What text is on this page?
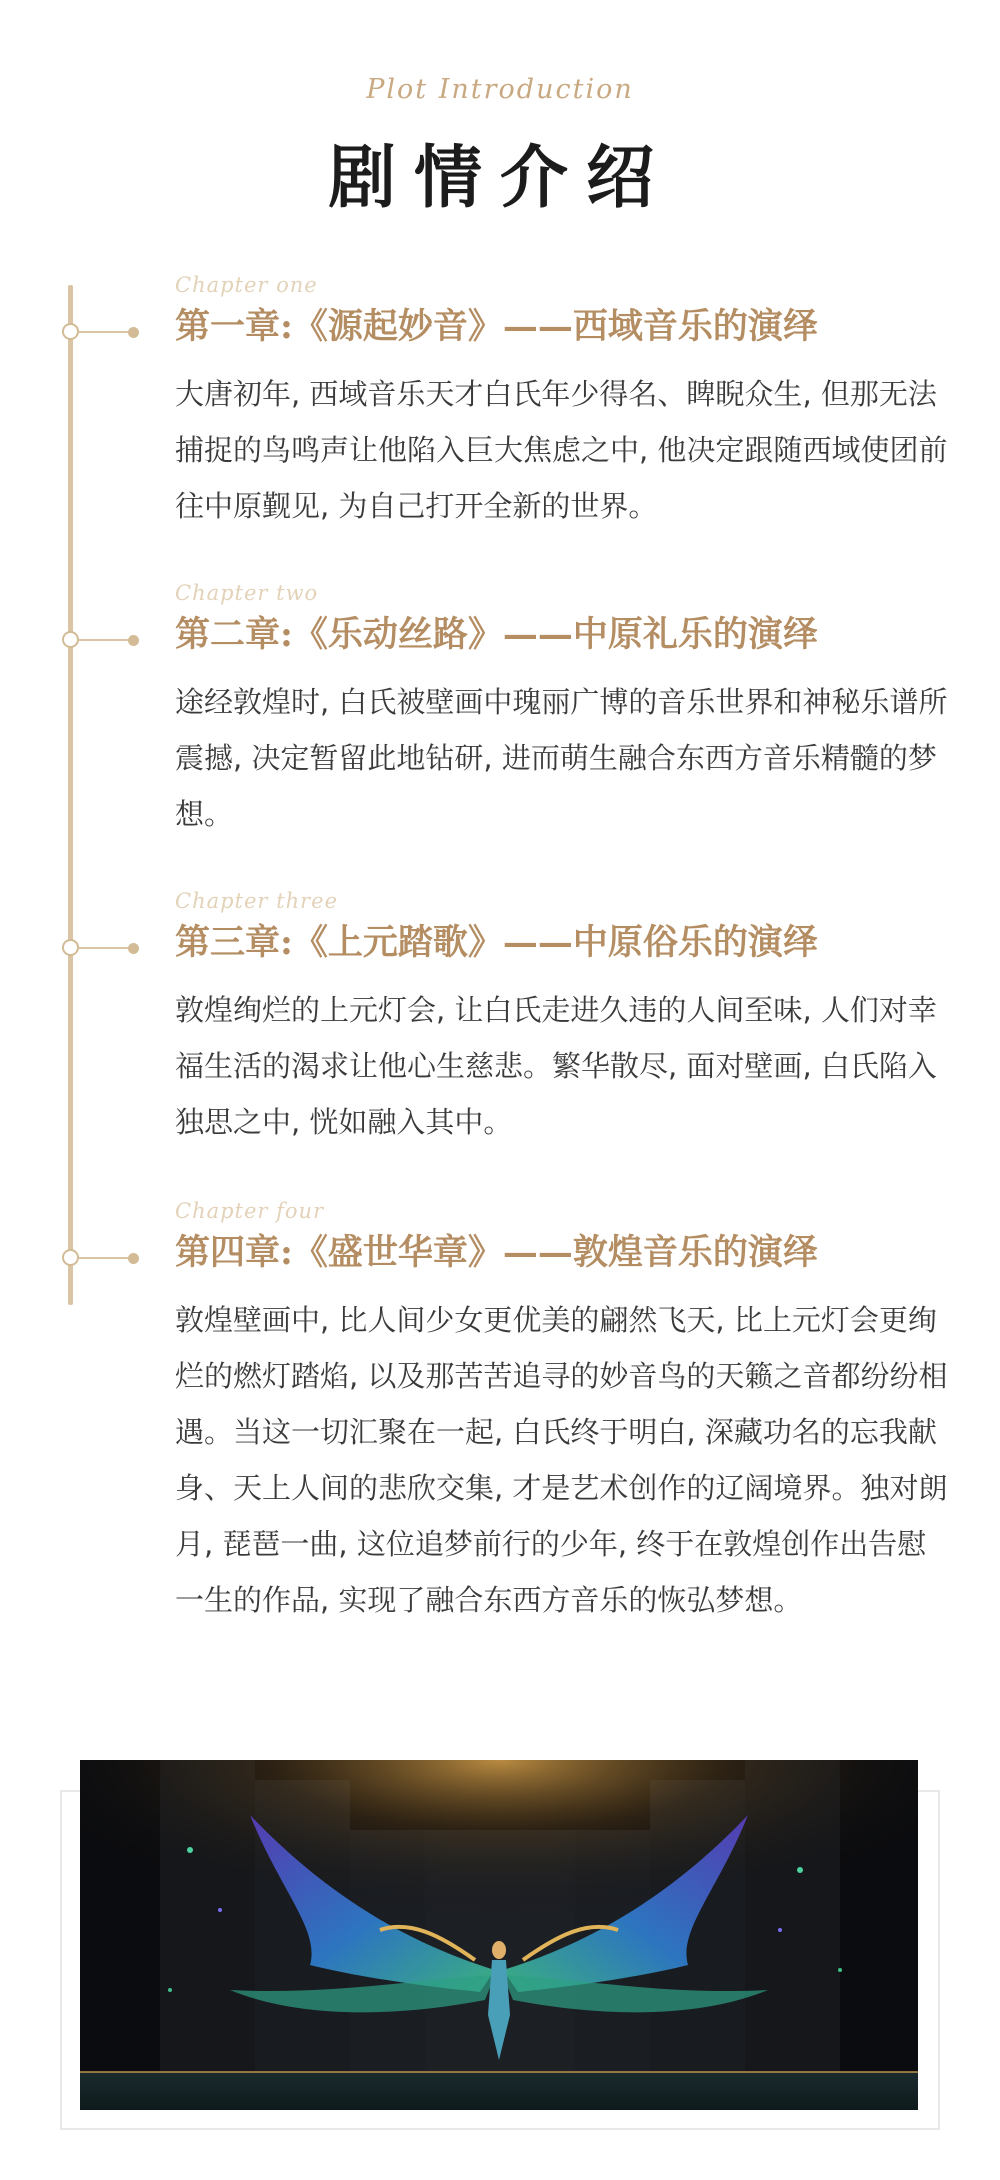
Plot Introduction
剧情介绍
Chapter one
第一章:《源起妙音》——西域音乐的演绎
大唐初年, 西域音乐天才白氏年少得名、睥睨众生, 但那无法捕捉的鸟鸣声让他陷入巨大焦虑之中, 他决定跟随西域使团前往中原觐见, 为自己打开全新的世界。
Chapter two
第二章:《乐动丝路》——中原礼乐的演绎
途经敦煌时, 白氏被壁画中瑰丽广博的音乐世界和神秘乐谱所震撼, 决定暂留此地钻研, 进而萌生融合东西方音乐精髓的梦想。
Chapter three
第三章:《上元踏歌》——中原俗乐的演绎
敦煌绚烂的上元灯会, 让白氏走进久违的人间至味, 人们对幸福生活的渴求让他心生慈悲。繁华散尽, 面对壁画, 白氏陷入独思之中, 恍如融入其中。
Chapter four
第四章:《盛世华章》——敦煌音乐的演绎
敦煌壁画中, 比人间少女更优美的翩然飞天, 比上元灯会更绚烂的燃灯踏焰, 以及那苦苦追寻的妙音鸟的天籁之音都纷纷相遇。当这一切汇聚在一起, 白氏终于明白, 深藏功名的忘我献身、天上人间的悲欣交集, 才是艺术创作的辽阔境界。独对朗月, 琵琶一曲, 这位追梦前行的少年, 终于在敦煌创作出告慰一生的作品, 实现了融合东西方音乐的恢弘梦想。
